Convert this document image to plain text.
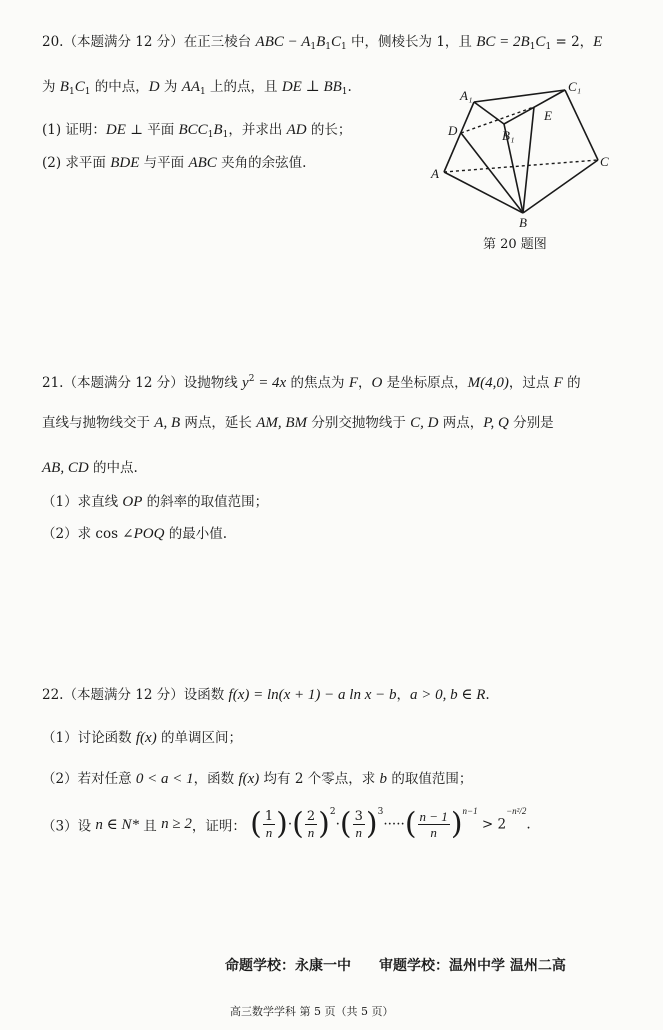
20.（本题满分 12 分）在正三棱台 ABC − $A_1B_1C_1$ 中，侧棱长为 1，且 BC = $2B_1C_1 = 2$，E
为 $B_1C_1$ 的中点，D 为 $AA_1$ 上的点，且 DE ⊥ $BB_1$.
(1) 证明：DE ⊥ 平面 $BCC_1B_1$，并求出 AD 的长；
(2) 求平面 BDE 与平面 ABC 夹角的余弦值.
A₁
C₁
D	B₁
E
A
C
B
第 20 题图
21.（本题满分 12 分）设抛物线 $y^2 = 4x$ 的焦点为 F，O 是坐标原点，M(4,0)，过点 F 的
直线与抛物线交于 A, B 两点，延长 AM, BM 分别交抛物线于 C, D 两点，P, Q 分别是
AB, CD 的中点.
（1）求直线 OP 的斜率的取值范围；
（2）求 cos ∠POQ 的最小值.
22.（本题满分 12 分）设函数 f(x) = ln(x + 1) − a ln x − b，a > 0, b ∈ R.
（1）讨论函数 f(x) 的单调区间；
（2）若对任意 0 < a < 1，函数 f(x) 均有 2 个零点，求 b 的取值范围；
（3）设 n ∈ N* 且 n ≥ 2，证明： ( $\frac{1}{n}$ )·( $\frac{2}{n} )^2\cdot( \frac{3}{n} )^3\cdot\cdot\cdot\cdot\cdot( \frac{n - 1}{n} )^{n-1} > 2^{-n^2/2}$.
命题学校：永康一中　　审题学校：温州中学 温州二高
高三数学学科 第 5 页（共 5 页）
